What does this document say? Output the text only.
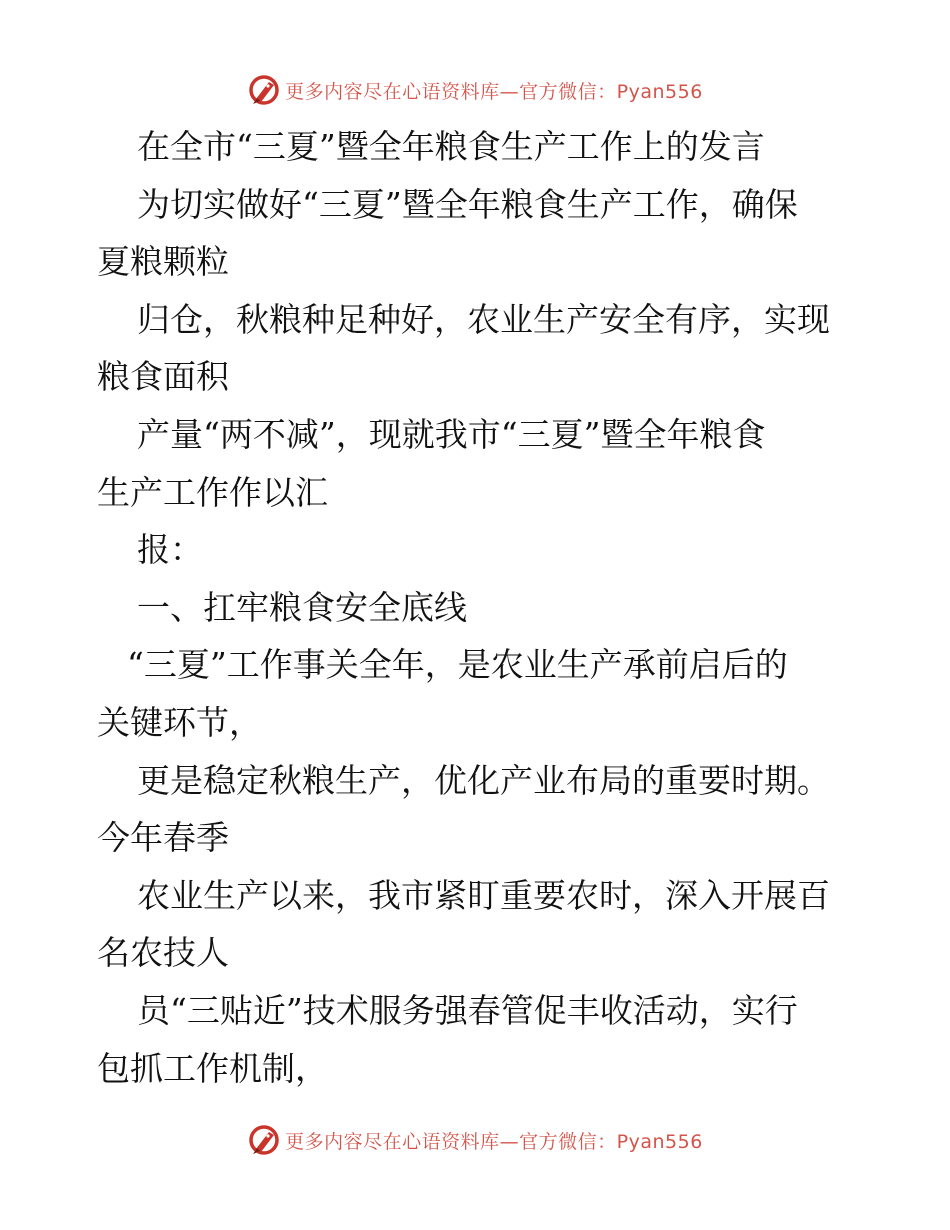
更多内容尽在心语资料库—官方微信：Pyan556

在全市“三夏”暨全年粮食生产工作上的发言

为切实做好“三夏”暨全年粮食生产工作，确保

夏粮颗粒

归仓，秋粮种足种好，农业生产安全有序，实现

粮食面积

产量“两不减”，现就我市“三夏”暨全年粮食

生产工作作以汇

报：

一、扛牢粮食安全底线

“三夏”工作事关全年，是农业生产承前启后的

关键环节，

更是稳定秋粮生产，优化产业布局的重要时期。

今年春季

农业生产以来，我市紧盯重要农时，深入开展百

名农技人

员“三贴近”技术服务强春管促丰收活动，实行

包抓工作机制，

更多内容尽在心语资料库—官方微信：Pyan556
